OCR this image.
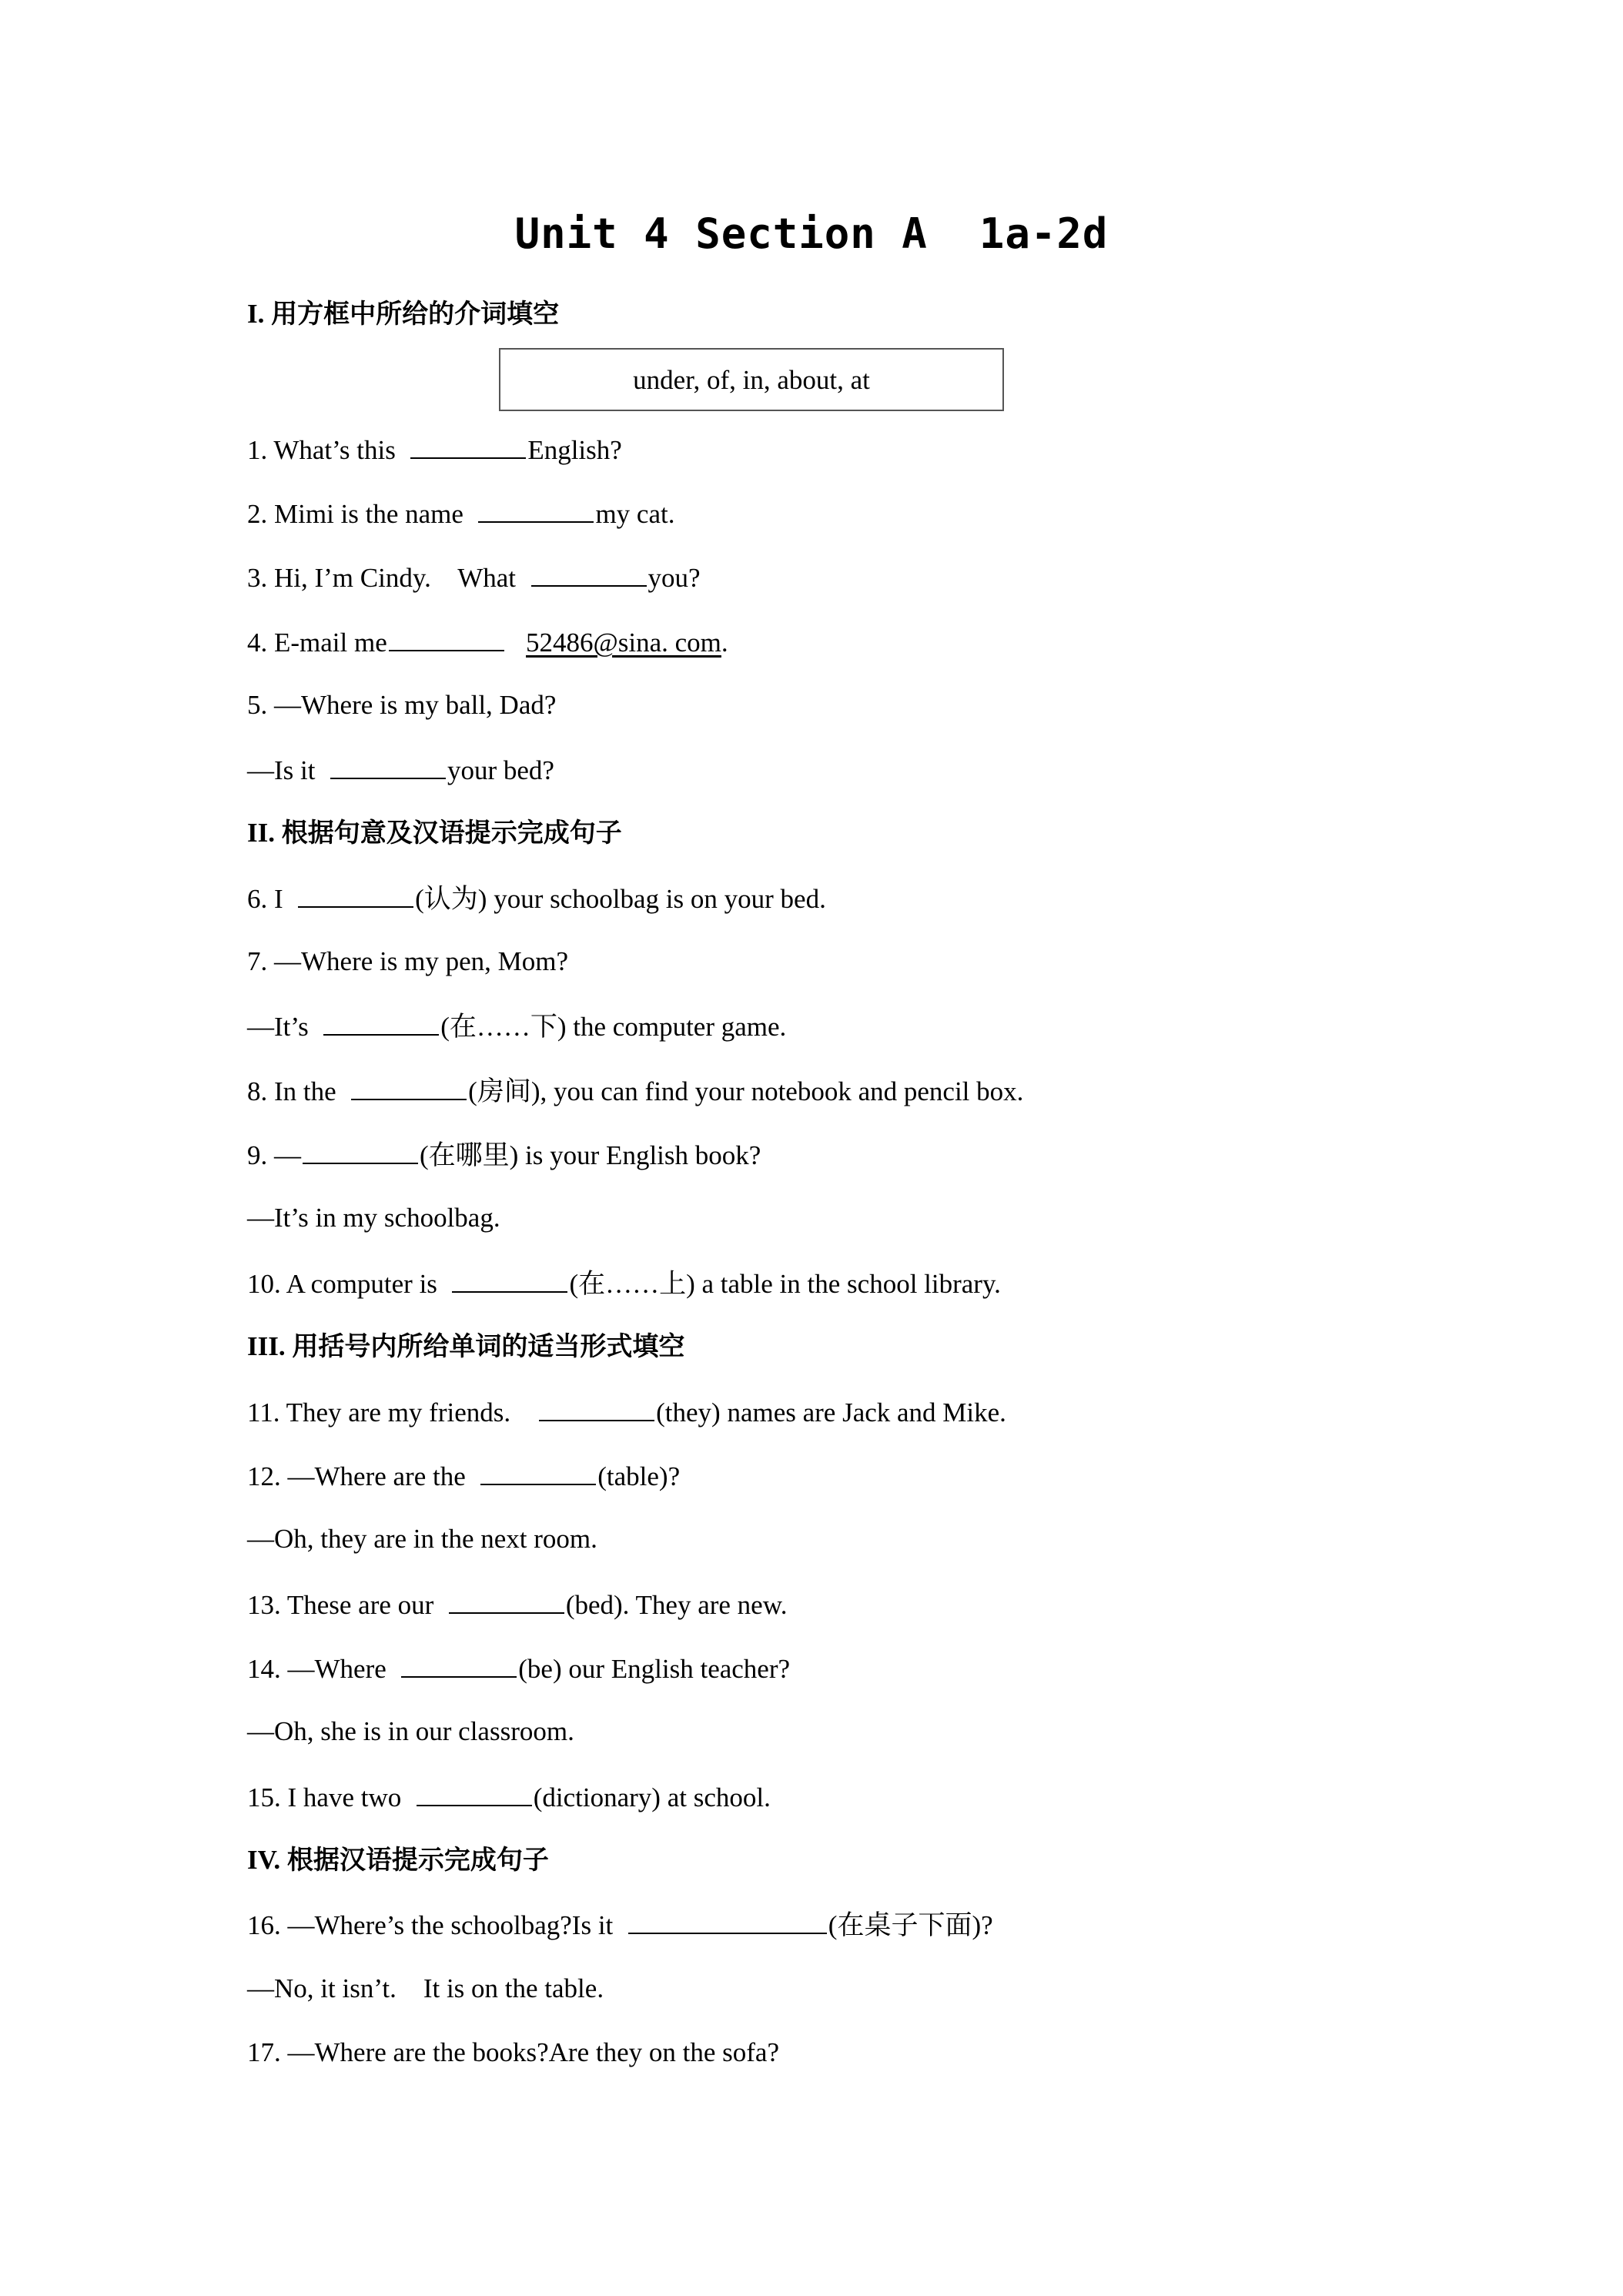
Unit 4 Section A  1a-2d
I. 用方框中所给的介词填空
under, of, in, about, at
1. What’s this	English?
2. Mimi is the name	my cat.
3. Hi, I’m Cindy.    What	you?
4. E-mail me	52486@sina. com.
5. —Where is my ball, Dad?
—Is it	your bed?
II. 根据句意及汉语提示完成句子
6. I	(认为) your schoolbag is on your bed.
7. —Where is my pen, Mom?
—It’s	(在……下) the computer game.
8. In the	(房间), you can find your notebook and pencil box.
9. —	(在哪里) is your English book?
—It’s in my schoolbag.
10. A computer is	(在……上) a table in the school library.
III. 用括号内所给单词的适当形式填空
11. They are my friends.	(they) names are Jack and Mike.
12. —Where are the	(table)?
—Oh, they are in the next room.
13. These are our	(bed). They are new.
14. —Where	(be) our English teacher?
—Oh, she is in our classroom.
15. I have two	(dictionary) at school.
IV. 根据汉语提示完成句子
16. —Where’s the schoolbag?Is it	(在桌子下面)?
—No, it isn’t.    It is on the table.
17. —Where are the books?Are they on the sofa?
